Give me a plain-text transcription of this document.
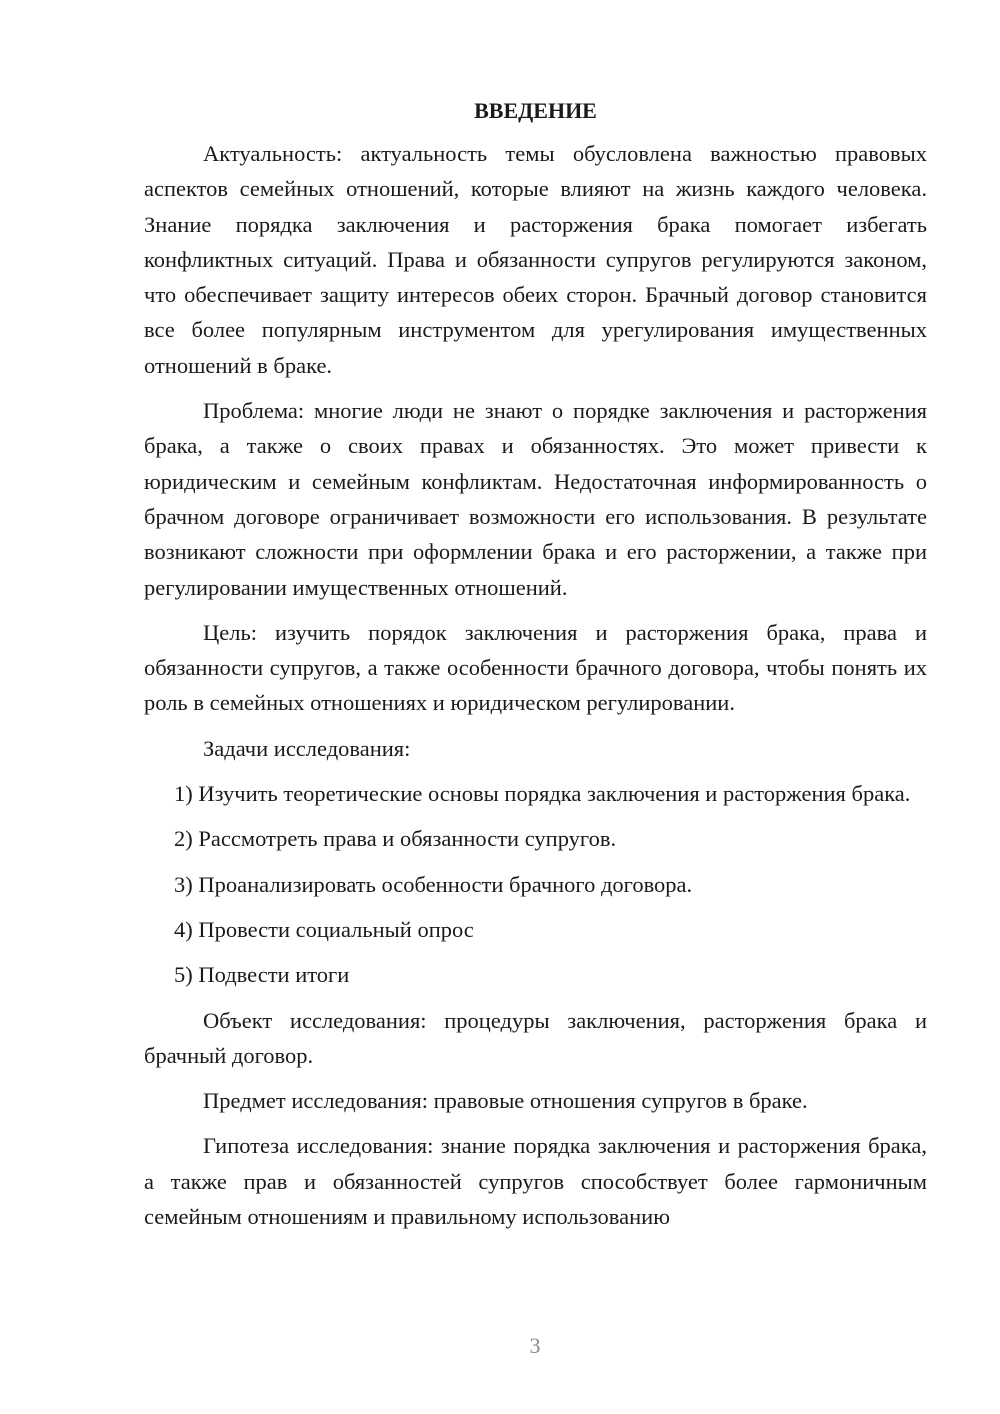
ВВЕДЕНИЕ

Актуальность: актуальность темы обусловлена важностью правовых аспектов семейных отношений, которые влияют на жизнь каждого человека. Знание порядка заключения и расторжения брака помогает избегать конфликтных ситуаций. Права и обязанности супругов регулируются законом, что обеспечивает защиту интересов обеих сторон. Брачный договор становится все более популярным инструментом для урегулирования имущественных отношений в браке.

Проблема: многие люди не знают о порядке заключения и расторжения брака, а также о своих правах и обязанностях. Это может привести к юридическим и семейным конфликтам. Недостаточная информированность о брачном договоре ограничивает возможности его использования. В результате возникают сложности при оформлении брака и его расторжении, а также при регулировании имущественных отношений.

Цель: изучить порядок заключения и расторжения брака, права и обязанности супругов, а также особенности брачного договора, чтобы понять их роль в семейных отношениях и юридическом регулировании.

Задачи исследования:

1) Изучить теоретические основы порядка заключения и расторжения брака.

2) Рассмотреть права и обязанности супругов.

3) Проанализировать особенности брачного договора.

4) Провести социальный опрос

5) Подвести итоги

Объект исследования: процедуры заключения, расторжения брака и брачный договор.

Предмет исследования: правовые отношения супругов в браке.

Гипотеза исследования: знание порядка заключения и расторжения брака, а также прав и обязанностей супругов способствует более гармоничным семейным отношениям и правильному использованию

3
